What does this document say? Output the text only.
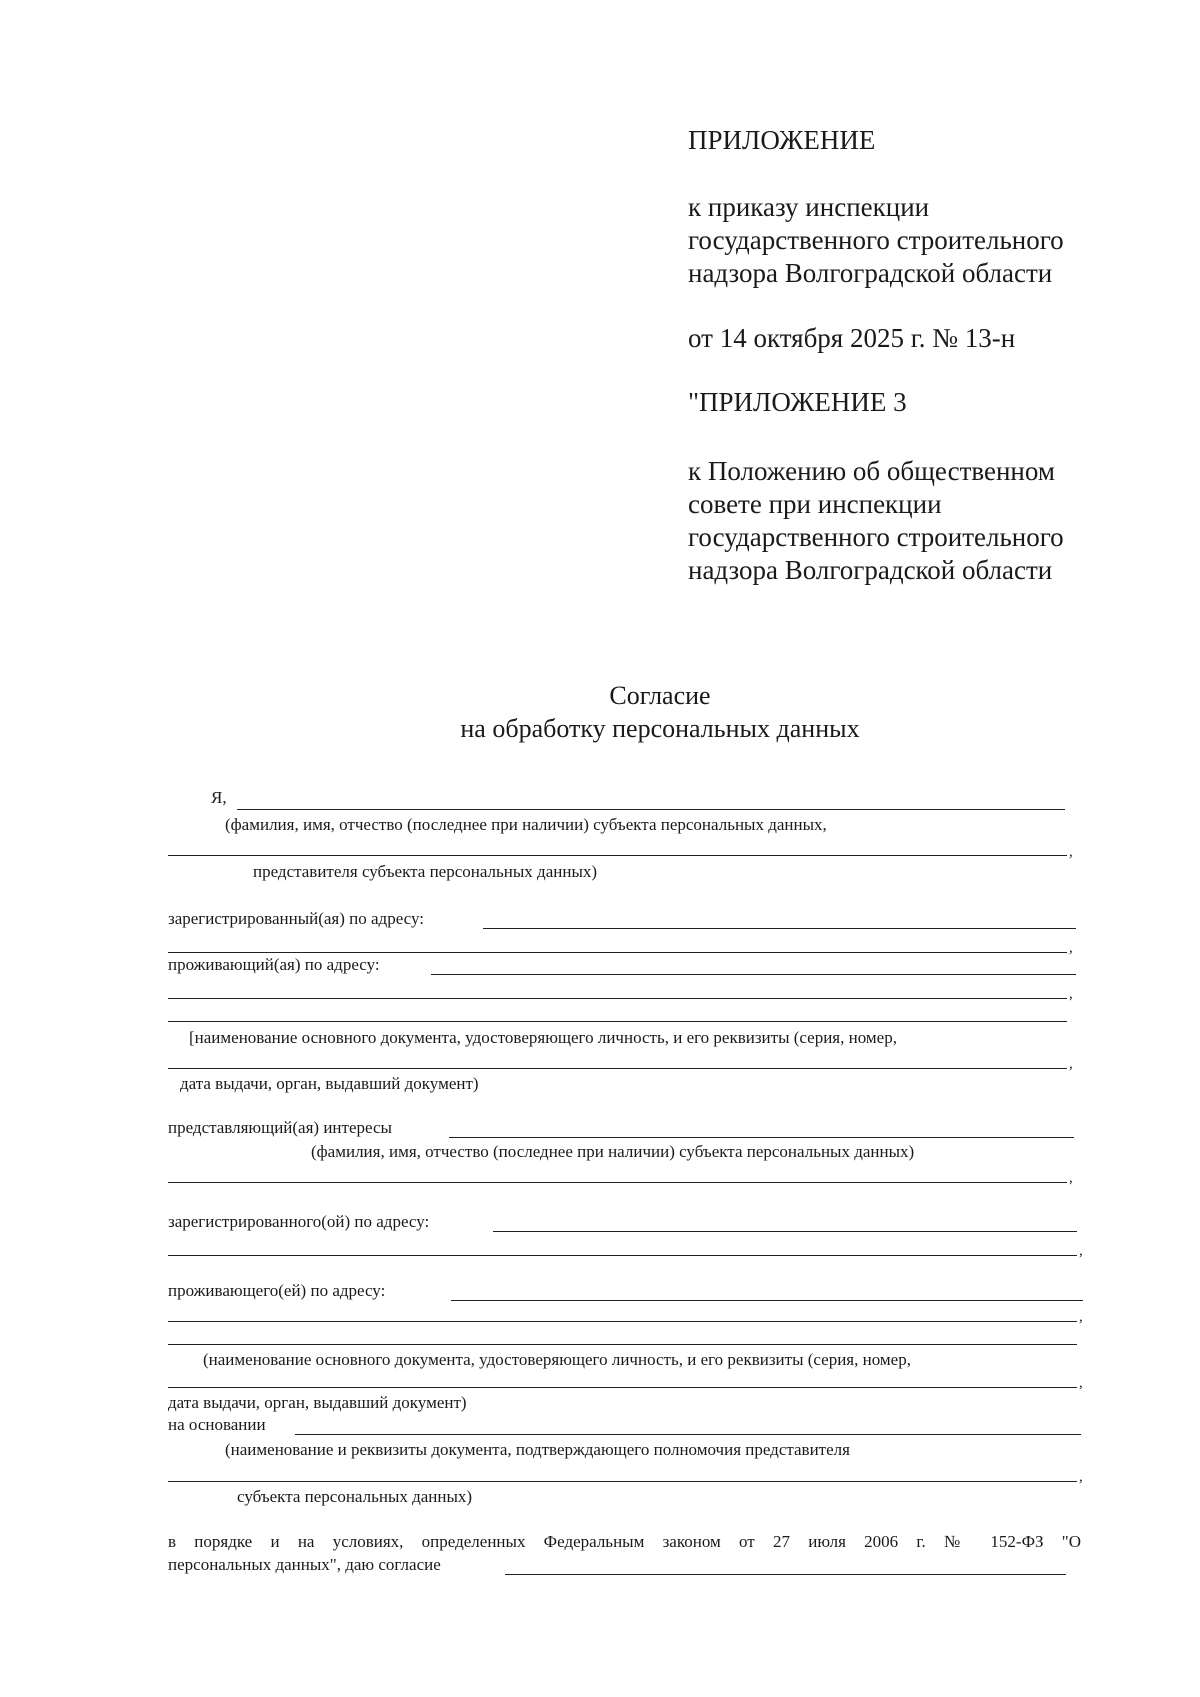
ПРИЛОЖЕНИЕ
к приказу инспекции
государственного строительного
надзора Волгоградской области
от 14 октября 2025 г. № 13-н
"ПРИЛОЖЕНИЕ 3
к Положению об общественном
совете при инспекции
государственного строительного
надзора Волгоградской области
Согласие
на обработку персональных данных
Я,
(фамилия, имя, отчество (последнее при наличии) субъекта персональных данных,
,
представителя субъекта персональных данных)
зарегистрированный(ая) по адресу:
,
проживающий(ая) по адресу:
,
[наименование основного документа, удостоверяющего личность, и его реквизиты (серия, номер,
,
дата выдачи, орган, выдавший документ)
представляющий(ая) интересы
(фамилия, имя, отчество (последнее при наличии) субъекта персональных данных)
,
зарегистрированного(ой) по адресу:
,
проживающего(ей) по адресу:
,
(наименование основного документа, удостоверяющего личность, и его реквизиты (серия, номер,
,
дата выдачи, орган, выдавший документ)
на основании
(наименование и реквизиты документа, подтверждающего полномочия представителя
,
субъекта персональных данных)
в порядке и на условиях, определенных Федеральным законом от 27 июля 2006 г. № 152-ФЗ "О
персональных данных", даю согласие
